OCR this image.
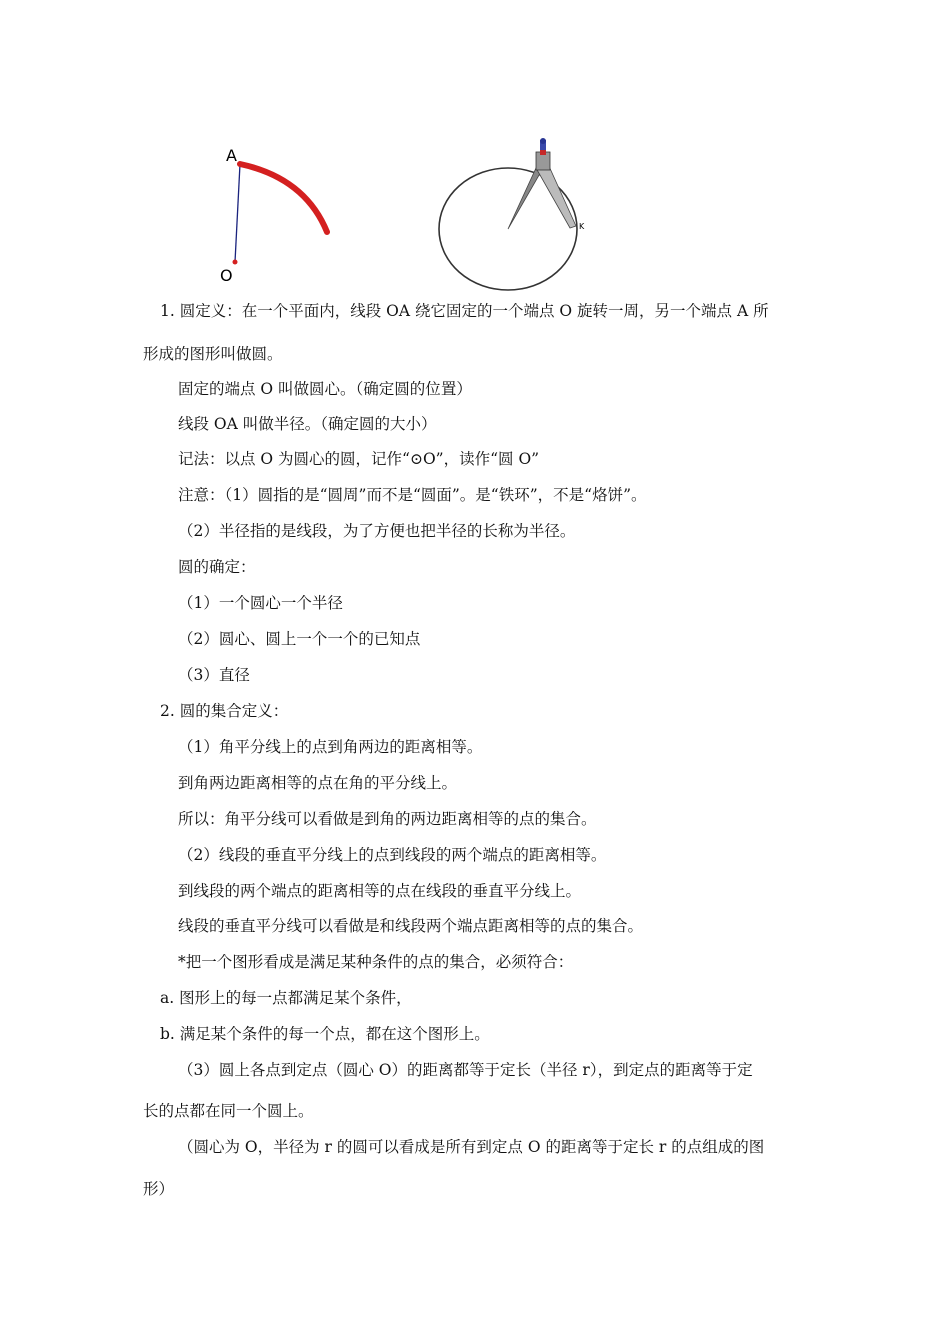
A
O
K
1. 圆定义：在一个平面内，线段 OA 绕它固定的一个端点 O 旋转一周，另一个端点 A 所
形成的图形叫做圆。
固定的端点 O 叫做圆心。（确定圆的位置）
线段 OA 叫做半径。（确定圆的大小）
记法：以点 O 为圆心的圆，记作“⊙O”，读作“圆 O”
注意：（1）圆指的是“圆周”而不是“圆面”。是“铁环”，不是“烙饼”。
（2）半径指的是线段，为了方便也把半径的长称为半径。
圆的确定：
（1）一个圆心一个半径
（2）圆心、圆上一个一个的已知点
（3）直径
2. 圆的集合定义：
（1）角平分线上的点到角两边的距离相等。
到角两边距离相等的点在角的平分线上。
所以：角平分线可以看做是到角的两边距离相等的点的集合。
（2）线段的垂直平分线上的点到线段的两个端点的距离相等。
到线段的两个端点的距离相等的点在线段的垂直平分线上。
线段的垂直平分线可以看做是和线段两个端点距离相等的点的集合。
*把一个图形看成是满足某种条件的点的集合，必须符合：
a. 图形上的每一点都满足某个条件，
b. 满足某个条件的每一个点，都在这个图形上。
（3）圆上各点到定点（圆心 O）的距离都等于定长（半径 r），到定点的距离等于定
长的点都在同一个圆上。
（圆心为 O，半径为 r 的圆可以看成是所有到定点 O 的距离等于定长 r 的点组成的图
形）
